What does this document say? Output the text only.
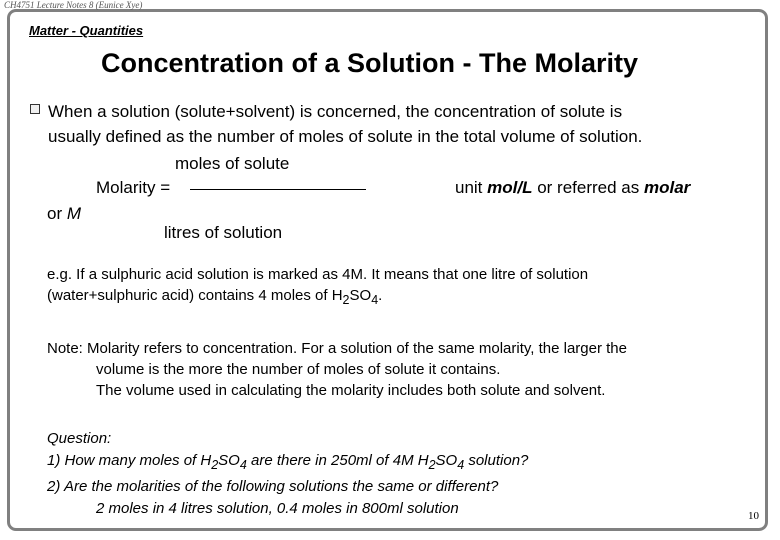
CH4751 Lecture Notes 8 (Eunice Xye)
Matter - Quantities
Concentration of a Solution - The Molarity
When a solution (solute+solvent) is concerned, the concentration of solute is
usually defined as the number of moles of solute in the total volume of solution.
moles of solute
Molarity =	unit mol/L or referred as molar
or M
litres of solution
e.g. If a sulphuric acid solution is marked as 4M. It means that one litre of solution
(water+sulphuric acid) contains 4 moles of $H_2SO_4$.
Note: Molarity refers to concentration. For a solution of the same molarity, the larger the
volume is the more the number of moles of solute it contains.
The volume used in calculating the molarity includes both solute and solvent.
Question:
1) How many moles of $H_2SO_4$ are there in 250ml of 4M $H_2SO_4$ solution?
2) Are the molarities of the following solutions the same or different?
2 moles in 4 litres solution, 0.4 moles in 800ml solution	10
